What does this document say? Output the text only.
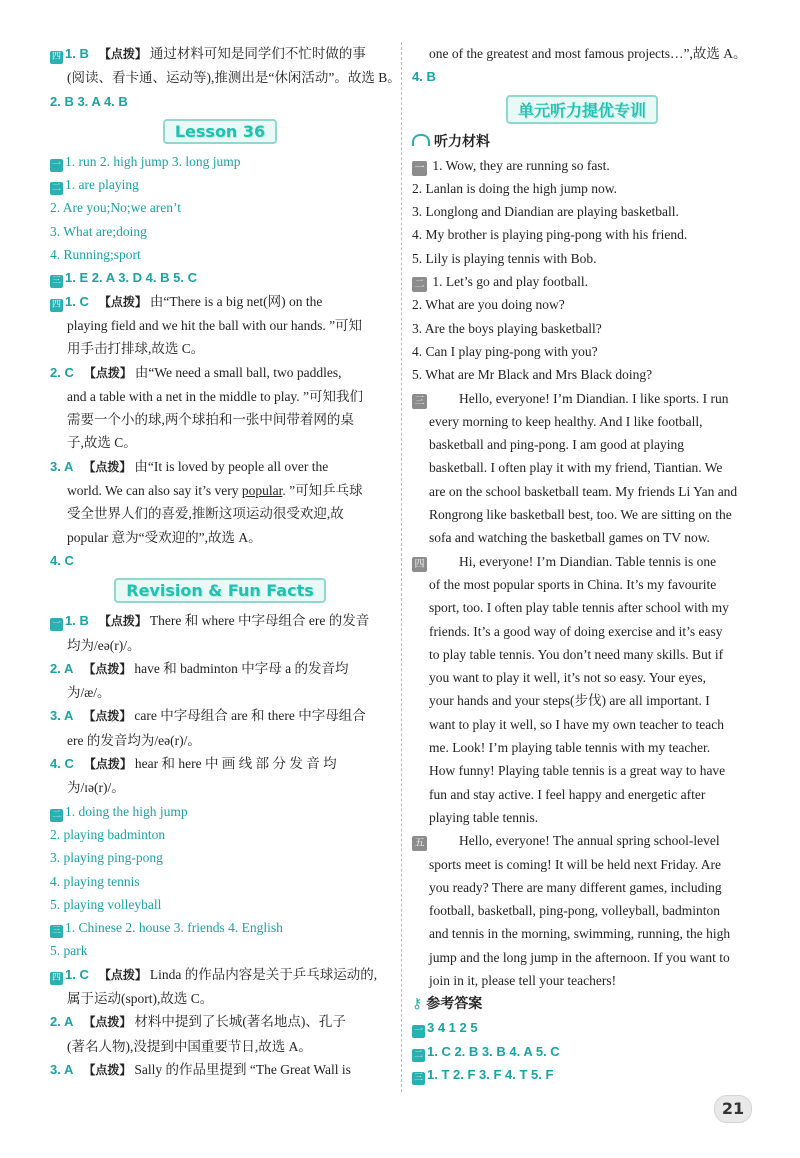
四 1. B 【点拨】 通过材料可知是同学们不忙时做的事
(阅读、看卡通、运动等),推测出是“休闲活动”。故选 B。
2. B 3. A 4. B
Lesson 36
一 1. run 2. high jump 3. long jump
二 1. are playing
2. Are you;No;we aren’t
3. What are;doing
4. Running;sport
三 1. E 2. A 3. D 4. B 5. C
四 1. C 【点拨】 由“There is a big net(网) on the
playing field and we hit the ball with our hands. ”可知
用手击打排球,故选 C。
2. C 【点拨】 由“We need a small ball, two paddles,
and a table with a net in the middle to play. ”可知我们
需要一个小的球,两个球拍和一张中间带着网的桌
子,故选 C。
3. A 【点拨】 由“It is loved by people all over the
world. We can also say it’s very popular. ”可知乒乓球
受全世界人们的喜爱,推断这项运动很受欢迎,故
popular 意为“受欢迎的”,故选 A。
4. C
Revision & Fun Facts
一 1. B 【点拨】 There 和 where 中字母组合 ere 的发音
均为/eə(r)/。
2. A 【点拨】 have 和 badminton 中字母 a 的发音均
为/æ/。
3. A 【点拨】 care 中字母组合 are 和 there 中字母组合
ere 的发音均为/eə(r)/。
4. C 【点拨】 hear 和 here 中 画 线 部 分 发 音 均
为/ɪə(r)/。
二 1. doing the high jump
2. playing badminton
3. playing ping-pong
4. playing tennis
5. playing volleyball
三 1. Chinese 2. house 3. friends 4. English
5. park
四 1. C 【点拨】 Linda 的作品内容是关于乒乓球运动的,
属于运动(sport),故选 C。
2. A 【点拨】 材料中提到了长城(著名地点)、孔子
(著名人物),没提到中国重要节日,故选 A。
3. A 【点拨】 Sally 的作品里提到 “The Great Wall is
one of the greatest and most famous projects…”,故选 A。
4. B
单元听力提优专训
听力材料
一 1. Wow, they are running so fast.
2. Lanlan is doing the high jump now.
3. Longlong and Diandian are playing basketball.
4. My brother is playing ping-pong with his friend.
5. Lily is playing tennis with Bob.
二 1. Let’s go and play football.
2. What are you doing now?
3. Are the boys playing basketball?
4. Can I play ping-pong with you?
5. What are Mr Black and Mrs Black doing?
三	Hello, everyone! I’m Diandian. I like sports. I run
every morning to keep healthy. And I like football,
basketball and ping-pong. I am good at playing
basketball. I often play it with my friend, Tiantian. We
are on the school basketball team. My friends Li Yan and
Rongrong like basketball best, too. We are sitting on the
sofa and watching the basketball games on TV now.
四	Hi, everyone! I’m Diandian. Table tennis is one
of the most popular sports in China. It’s my favourite
sport, too. I often play table tennis after school with my
friends. It’s a good way of doing exercise and it’s easy
to play table tennis. You don’t need many skills. But if
you want to play it well, it’s not so easy. Your eyes,
your hands and your steps(步伐) are all important. I
want to play it well, so I have my own teacher to teach
me. Look! I’m playing table tennis with my teacher.
How funny! Playing table tennis is a great way to have
fun and stay active. I feel happy and energetic after
playing table tennis.
五	Hello, everyone! The annual spring school-level
sports meet is coming! It will be held next Friday. Are
you ready? There are many different games, including
football, basketball, ping-pong, volleyball, badminton
and tennis in the morning, swimming, running, the high
jump and the long jump in the afternoon. If you want to
join in it, please tell your teachers!
⚷ 参考答案
一 3 4 1 2 5
二 1. C 2. B 3. B 4. A 5. C
三 1. T 2. F 3. F 4. T 5. F
21
